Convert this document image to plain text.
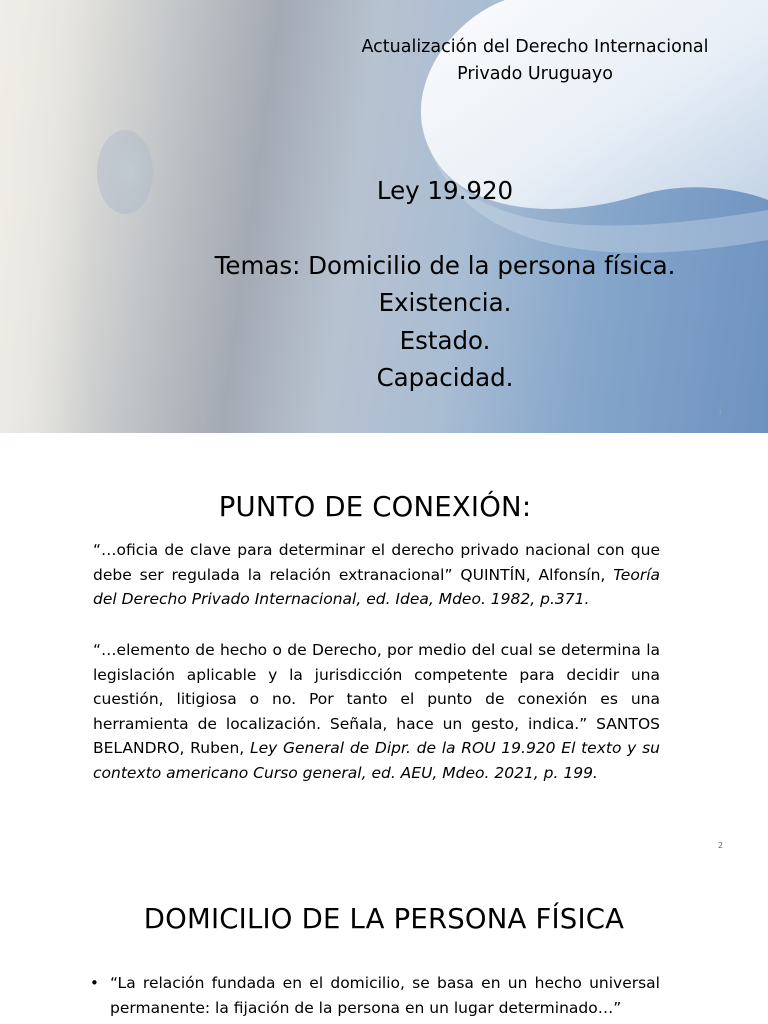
Actualización del Derecho Internacional
Privado Uruguayo
Ley 19.920
Temas: Domicilio de la persona física.
Existencia.
Estado.
Capacidad.
1
PUNTO DE CONEXIÓN:
“…oficia de clave para determinar el derecho privado nacional con que debe ser regulada la relación extranacional” QUINTÍN, Alfonsín, Teoría del Derecho Privado Internacional, ed. Idea, Mdeo. 1982, p.371.
“…elemento de hecho o de Derecho, por medio del cual se determina la legislación aplicable y la jurisdicción competente para decidir una cuestión, litigiosa o no. Por tanto el punto de conexión es una herramienta de localización. Señala, hace un gesto, indica.” SANTOS BELANDRO, Ruben, Ley General de Dipr. de la ROU 19.920 El texto y su contexto americano Curso general, ed. AEU, Mdeo. 2021, p. 199.
2
DOMICILIO DE LA PERSONA FÍSICA
• “La relación fundada en el domicilio, se basa en un hecho universal permanente: la fijación de la persona en un lugar determinado…”
